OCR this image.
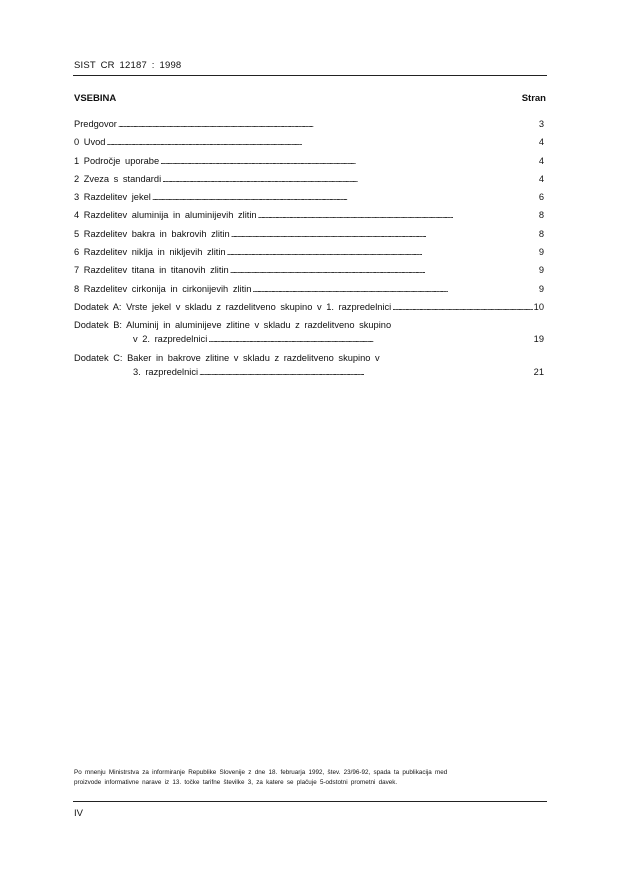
SIST CR 12187 : 1998
VSEBINA	Stran
Predgovor . . .	3
0 Uvod . . .	4
1 Področje uporabe . . .	4
2 Zveza s standardi . . .	4
3 Razdelitev jekel . . .	6
4 Razdelitev aluminija in aluminijevih zlitin . . .	8
5 Razdelitev bakra in bakrovih zlitin . . .	8
6 Razdelitev niklja in nikljevih zlitin . . .	9
7 Razdelitev titana in titanovih zlitin . . .	9
8 Razdelitev cirkonija in cirkonijevih zlitin . . .	9
Dodatek A: Vrste jekel v skladu z razdelitveno skupino v 1. razpredelnici . . .	10
Dodatek B: Aluminij in aluminijeve zlitine v skladu z razdelitveno skupino
v 2. razpredelnici . . .	19
Dodatek C: Baker in bakrove zlitine v skladu z razdelitveno skupino v
3. razpredelnici . . .	21
Po mnenju Ministrstva za informiranje Republike Slovenije z dne 18. februarja 1992, štev. 23/96-92, spada ta publikacija med
proizvode informativne narave iz 13. točke tarifne številke 3, za katere se plačuje 5-odstotni prometni davek.
IV
